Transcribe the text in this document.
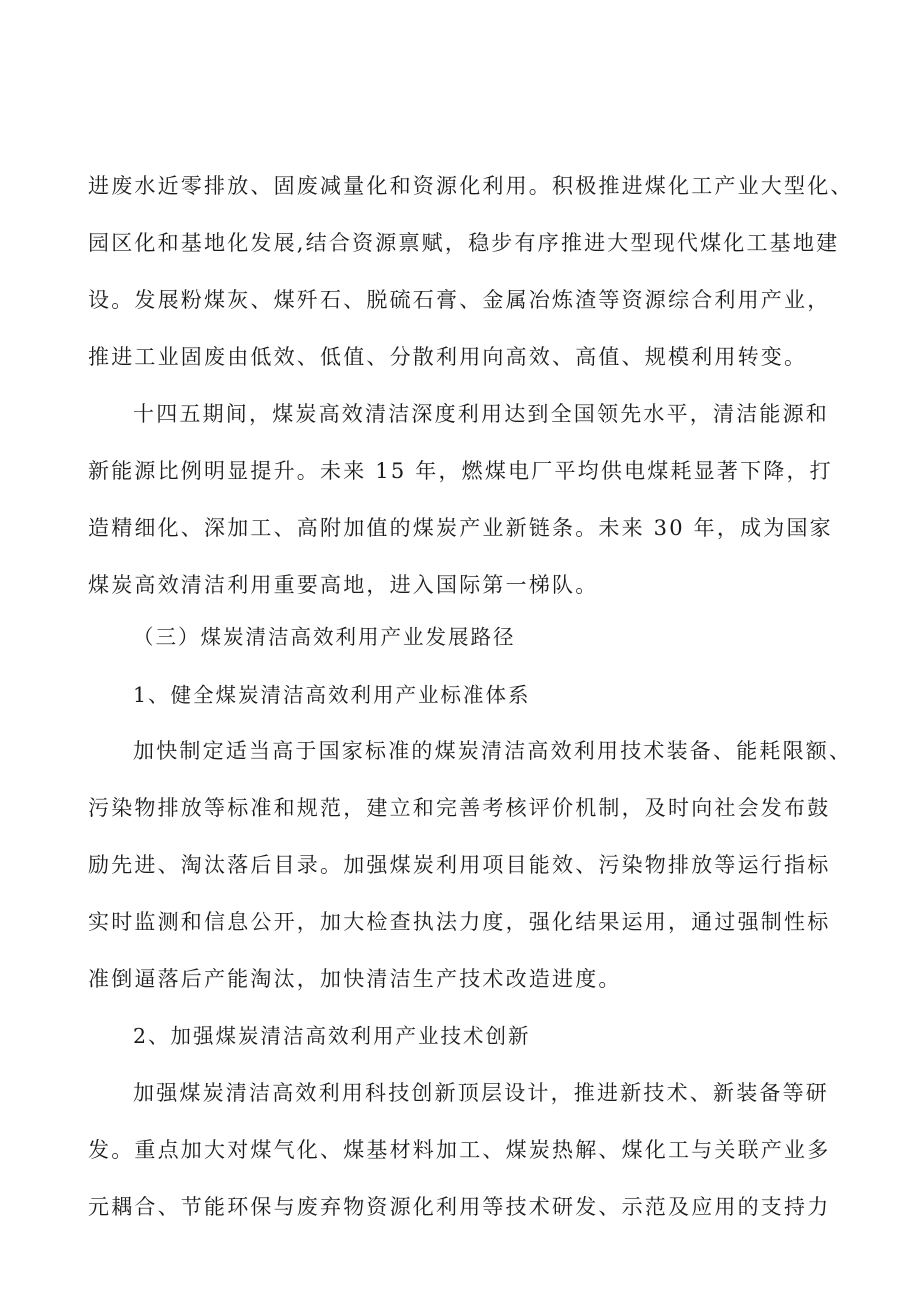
进废水近零排放、固废减量化和资源化利用。积极推进煤化工产业大型化、
园区化和基地化发展,结合资源禀赋，稳步有序推进大型现代煤化工基地建
设。发展粉煤灰、煤歼石、脱硫石膏、金属冶炼渣等资源综合利用产业，
推进工业固废由低效、低值、分散利用向高效、高值、规模利用转变。
十四五期间，煤炭高效清洁深度利用达到全国领先水平，清洁能源和
新能源比例明显提升。未来 15 年，燃煤电厂平均供电煤耗显著下降，打
造精细化、深加工、高附加值的煤炭产业新链条。未来 30 年，成为国家
煤炭高效清洁利用重要高地，进入国际第一梯队。
（三）煤炭清洁高效利用产业发展路径
1、健全煤炭清洁高效利用产业标准体系
加快制定适当高于国家标准的煤炭清洁高效利用技术装备、能耗限额、
污染物排放等标准和规范，建立和完善考核评价机制，及时向社会发布鼓
励先进、淘汰落后目录。加强煤炭利用项目能效、污染物排放等运行指标
实时监测和信息公开，加大检查执法力度，强化结果运用，通过强制性标
准倒逼落后产能淘汰，加快清洁生产技术改造进度。
2、加强煤炭清洁高效利用产业技术创新
加强煤炭清洁高效利用科技创新顶层设计，推进新技术、新装备等研
发。重点加大对煤气化、煤基材料加工、煤炭热解、煤化工与关联产业多
元耦合、节能环保与废弃物资源化利用等技术研发、示范及应用的支持力
